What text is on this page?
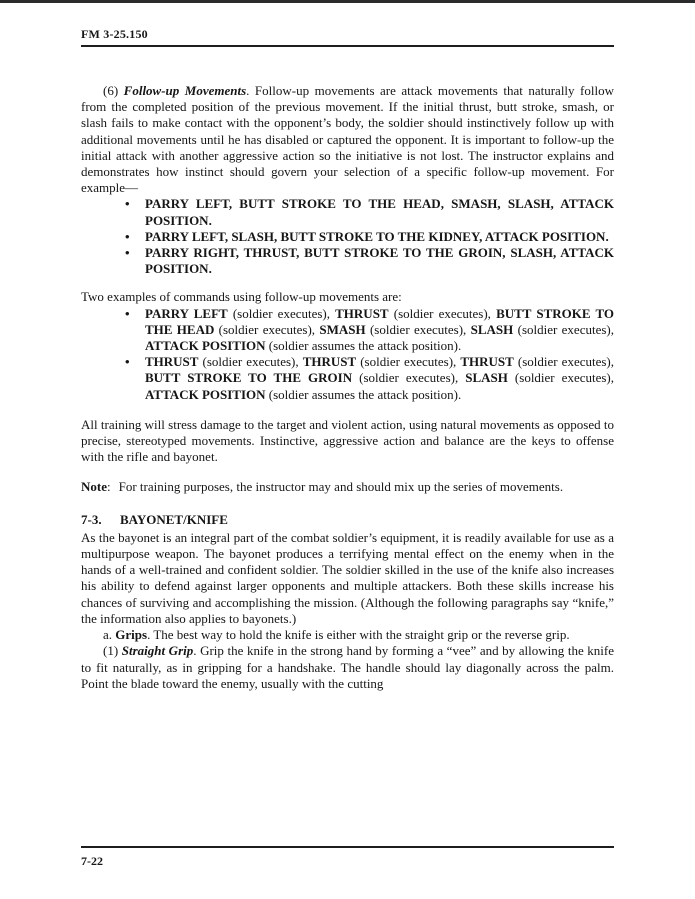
FM 3-25.150

(6) Follow-up Movements. Follow-up movements are attack movements that naturally follow from the completed position of the previous movement. If the initial thrust, butt stroke, smash, or slash fails to make contact with the opponent’s body, the soldier should instinctively follow up with additional movements until he has disabled or captured the opponent. It is important to follow-up the initial attack with another aggressive action so the initiative is not lost. The instructor explains and demonstrates how instinct should govern your selection of a specific follow-up movement. For example—

• PARRY LEFT, BUTT STROKE TO THE HEAD, SMASH, SLASH, ATTACK POSITION.
• PARRY LEFT, SLASH, BUTT STROKE TO THE KIDNEY, ATTACK POSITION.
• PARRY RIGHT, THRUST, BUTT STROKE TO THE GROIN, SLASH, ATTACK POSITION.

Two examples of commands using follow-up movements are:

• PARRY LEFT (soldier executes), THRUST (soldier executes), BUTT STROKE TO THE HEAD (soldier executes), SMASH (soldier executes), SLASH (soldier executes), ATTACK POSITION (soldier assumes the attack position).
• THRUST (soldier executes), THRUST (soldier executes), THRUST (soldier executes), BUTT STROKE TO THE GROIN (soldier executes), SLASH (soldier executes), ATTACK POSITION (soldier assumes the attack position).

All training will stress damage to the target and violent action, using natural movements as opposed to precise, stereotyped movements. Instinctive, aggressive action and balance are the keys to offense with the rifle and bayonet.

Note: For training purposes, the instructor may and should mix up the series of movements.

7-3. BAYONET/KNIFE

As the bayonet is an integral part of the combat soldier’s equipment, it is readily available for use as a multipurpose weapon. The bayonet produces a terrifying mental effect on the enemy when in the hands of a well-trained and confident soldier. The soldier skilled in the use of the knife also increases his ability to defend against larger opponents and multiple attackers. Both these skills increase his chances of surviving and accomplishing the mission. (Although the following paragraphs say “knife,” the information also applies to bayonets.)

a. Grips. The best way to hold the knife is either with the straight grip or the reverse grip.

(1) Straight Grip. Grip the knife in the strong hand by forming a “vee” and by allowing the knife to fit naturally, as in gripping for a handshake. The handle should lay diagonally across the palm. Point the blade toward the enemy, usually with the cutting

7-22
